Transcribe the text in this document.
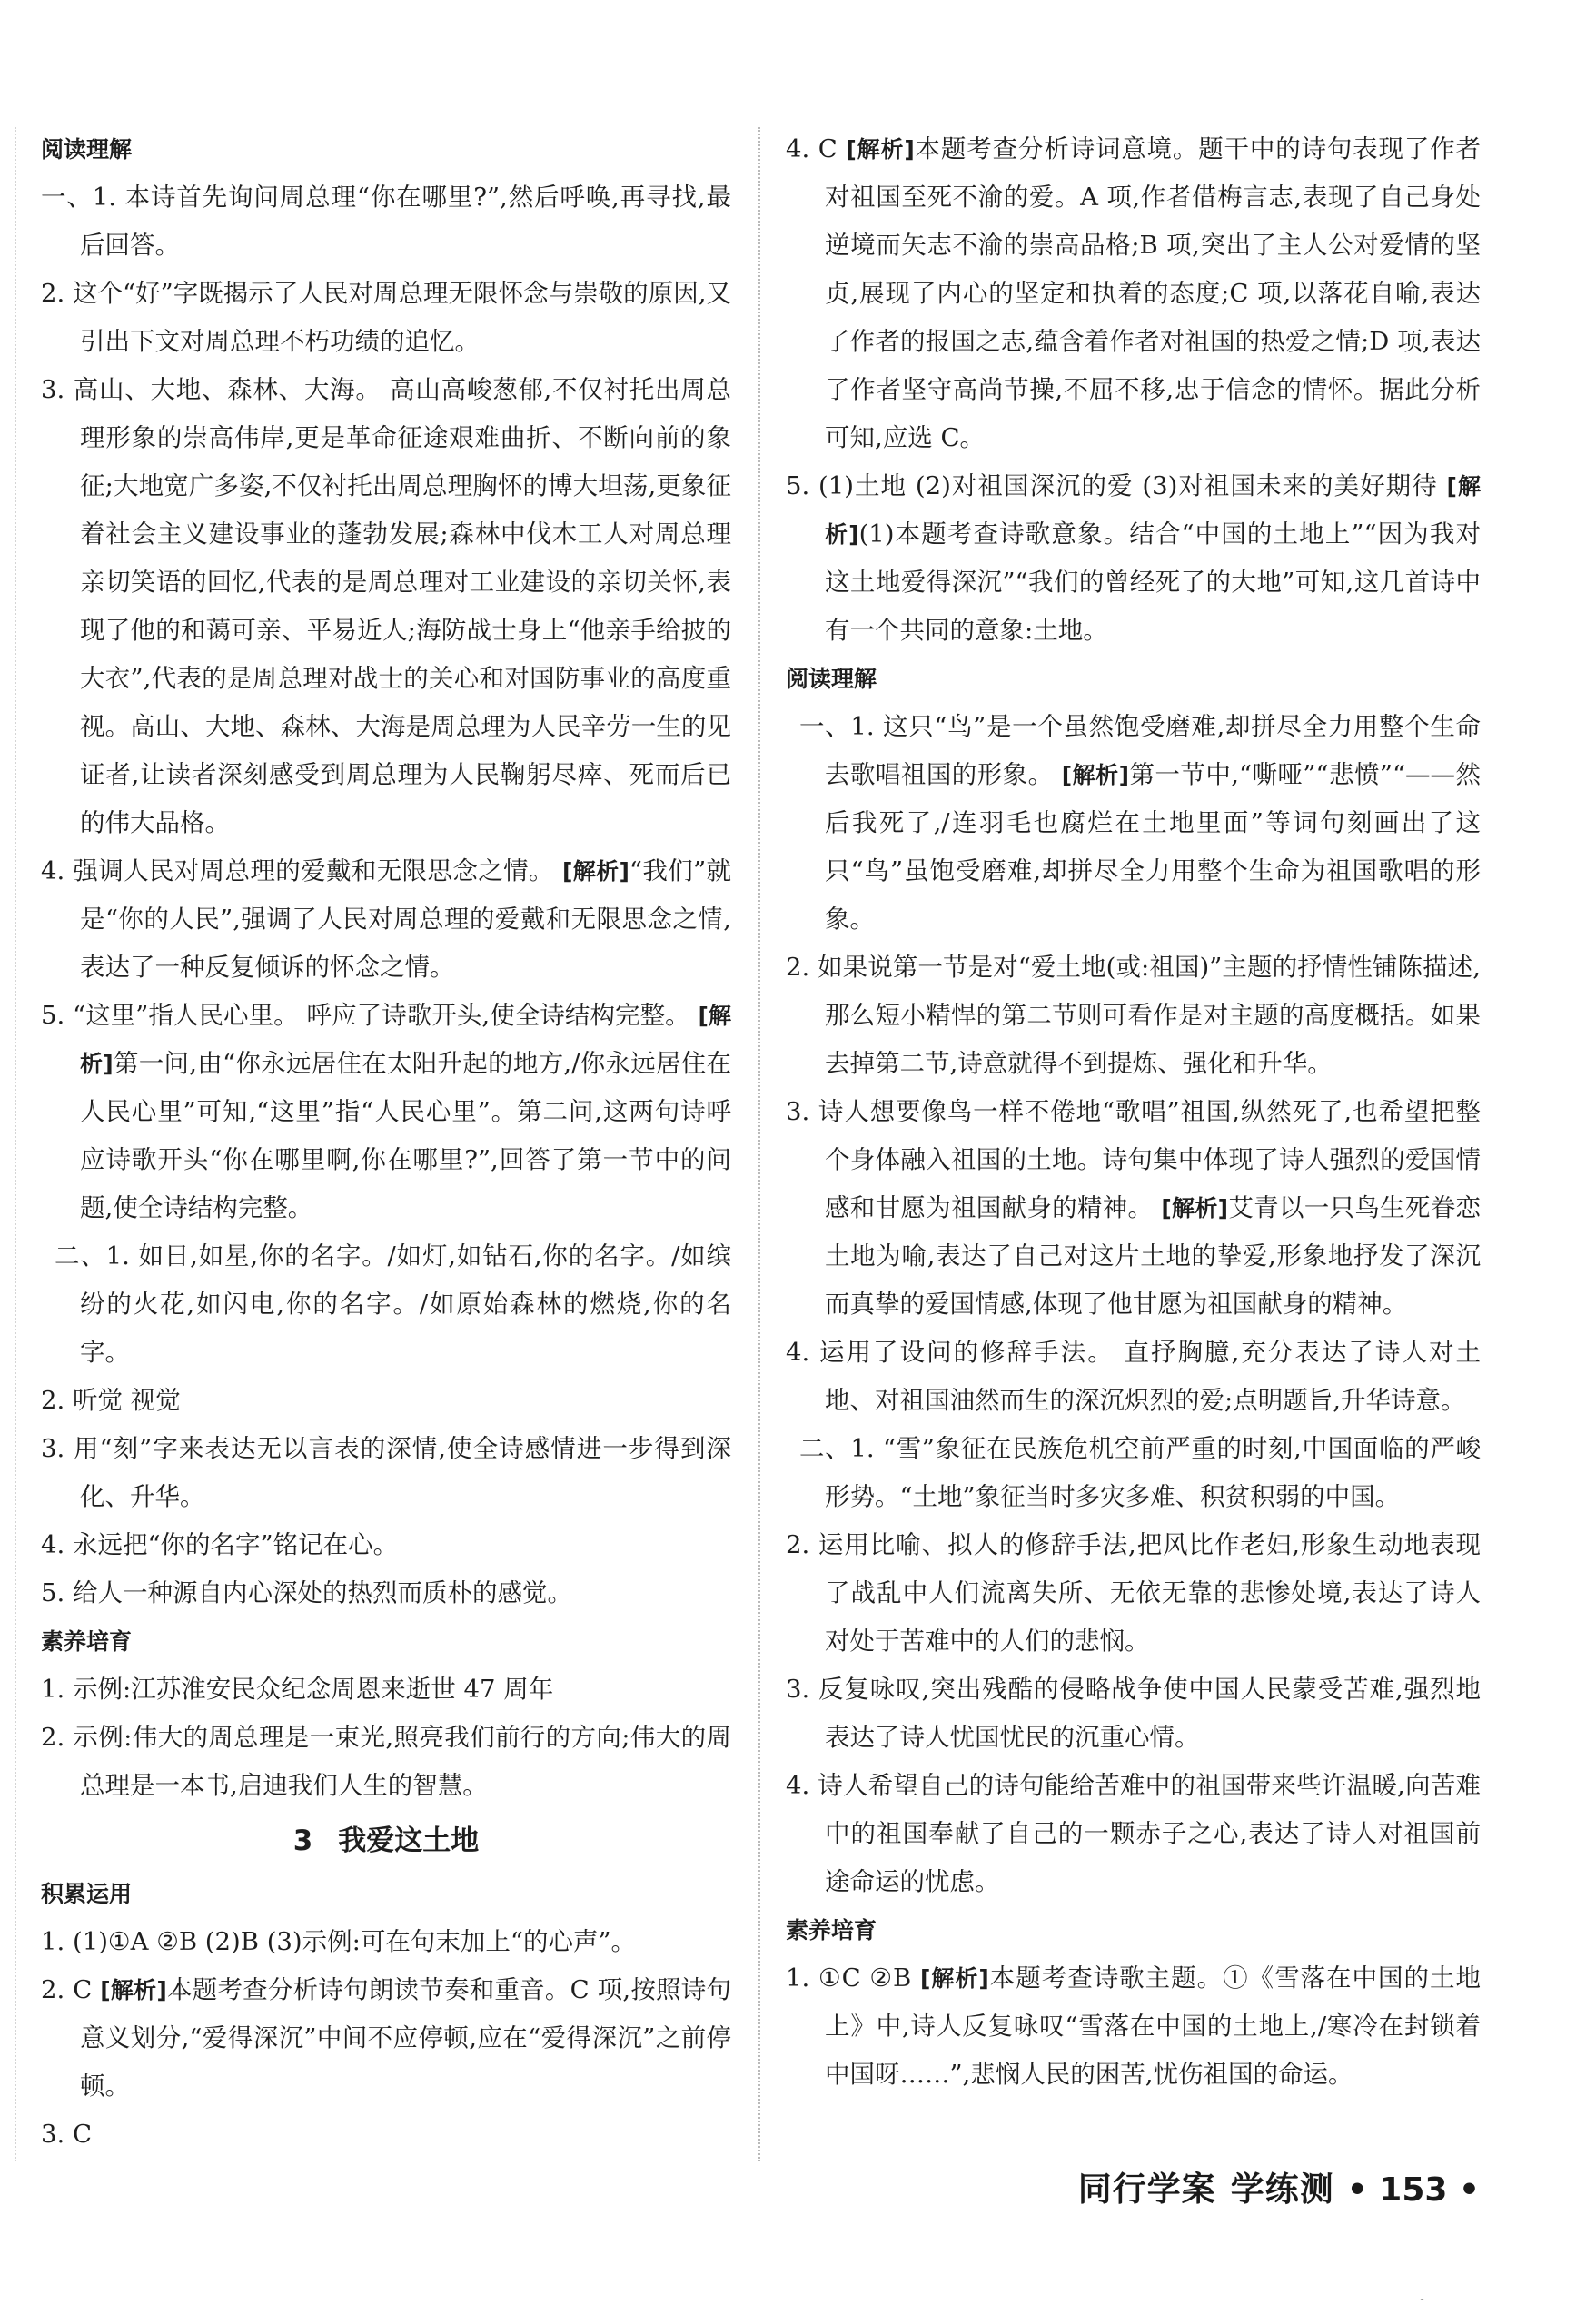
阅读理解

一、1. 本诗首先询问周总理“你在哪里?”,然后呼唤,再寻找,最后回答。

2. 这个“好”字既揭示了人民对周总理无限怀念与崇敬的原因,又引出下文对周总理不朽功绩的追忆。

3. 高山、大地、森林、大海。 高山高峻葱郁,不仅衬托出周总理形象的崇高伟岸,更是革命征途艰难曲折、不断向前的象征;大地宽广多姿,不仅衬托出周总理胸怀的博大坦荡,更象征着社会主义建设事业的蓬勃发展;森林中伐木工人对周总理亲切笑语的回忆,代表的是周总理对工业建设的亲切关怀,表现了他的和蔼可亲、平易近人;海防战士身上“他亲手给披的大衣”,代表的是周总理对战士的关心和对国防事业的高度重视。高山、大地、森林、大海是周总理为人民辛劳一生的见证者,让读者深刻感受到周总理为人民鞠躬尽瘁、死而后已的伟大品格。

4. 强调人民对周总理的爱戴和无限思念之情。 [解析]“我们”就是“你的人民”,强调了人民对周总理的爱戴和无限思念之情,表达了一种反复倾诉的怀念之情。

5. “这里”指人民心里。 呼应了诗歌开头,使全诗结构完整。 [解析]第一问,由“你永远居住在太阳升起的地方,/你永远居住在人民心里”可知,“这里”指“人民心里”。第二问,这两句诗呼应诗歌开头“你在哪里啊,你在哪里?”,回答了第一节中的问题,使全诗结构完整。

二、1. 如日,如星,你的名字。/如灯,如钻石,你的名字。/如缤纷的火花,如闪电,你的名字。/如原始森林的燃烧,你的名字。

2. 听觉 视觉

3. 用“刻”字来表达无以言表的深情,使全诗感情进一步得到深化、升华。

4. 永远把“你的名字”铭记在心。

5. 给人一种源自内心深处的热烈而质朴的感觉。

素养培育

1. 示例:江苏淮安民众纪念周恩来逝世 47 周年

2. 示例:伟大的周总理是一束光,照亮我们前行的方向;伟大的周总理是一本书,启迪我们人生的智慧。

3 我爱这土地

积累运用

1. (1)①A ②B (2)B (3)示例:可在句末加上“的心声”。

2. C [解析]本题考查分析诗句朗读节奏和重音。C 项,按照诗句意义划分,“爱得深沉”中间不应停顿,应在“爱得深沉”之前停顿。

3. C

4. C [解析]本题考查分析诗词意境。题干中的诗句表现了作者对祖国至死不渝的爱。A 项,作者借梅言志,表现了自己身处逆境而矢志不渝的崇高品格;B 项,突出了主人公对爱情的坚贞,展现了内心的坚定和执着的态度;C 项,以落花自喻,表达了作者的报国之志,蕴含着作者对祖国的热爱之情;D 项,表达了作者坚守高尚节操,不屈不移,忠于信念的情怀。据此分析可知,应选 C。

5. (1)土地 (2)对祖国深沉的爱 (3)对祖国未来的美好期待 [解析](1)本题考查诗歌意象。结合“中国的土地上”“因为我对这土地爱得深沉”“我们的曾经死了的大地”可知,这几首诗中有一个共同的意象:土地。

阅读理解

一、1. 这只“鸟”是一个虽然饱受磨难,却拼尽全力用整个生命去歌唱祖国的形象。 [解析]第一节中,“嘶哑”“悲愤”“——然后我死了,/连羽毛也腐烂在土地里面”等词句刻画出了这只“鸟”虽饱受磨难,却拼尽全力用整个生命为祖国歌唱的形象。

2. 如果说第一节是对“爱土地(或:祖国)”主题的抒情性铺陈描述,那么短小精悍的第二节则可看作是对主题的高度概括。如果去掉第二节,诗意就得不到提炼、强化和升华。

3. 诗人想要像鸟一样不倦地“歌唱”祖国,纵然死了,也希望把整个身体融入祖国的土地。诗句集中体现了诗人强烈的爱国情感和甘愿为祖国献身的精神。 [解析]艾青以一只鸟生死眷恋土地为喻,表达了自己对这片土地的挚爱,形象地抒发了深沉而真挚的爱国情感,体现了他甘愿为祖国献身的精神。

4. 运用了设问的修辞手法。 直抒胸臆,充分表达了诗人对土地、对祖国油然而生的深沉炽烈的爱;点明题旨,升华诗意。

二、1. “雪”象征在民族危机空前严重的时刻,中国面临的严峻形势。“土地”象征当时多灾多难、积贫积弱的中国。

2. 运用比喻、拟人的修辞手法,把风比作老妇,形象生动地表现了战乱中人们流离失所、无依无靠的悲惨处境,表达了诗人对处于苦难中的人们的悲悯。

3. 反复咏叹,突出残酷的侵略战争使中国人民蒙受苦难,强烈地表达了诗人忧国忧民的沉重心情。

4. 诗人希望自己的诗句能给苦难中的祖国带来些许温暖,向苦难中的祖国奉献了自己的一颗赤子之心,表达了诗人对祖国前途命运的忧虑。

素养培育

1. ①C ②B [解析]本题考查诗歌主题。①《雪落在中国的土地上》中,诗人反复咏叹“雪落在中国的土地上,/寒冷在封锁着中国呀……”,悲悯人民的困苦,忧伤祖国的命运。

同行学案 学练测 • 153 •
˘
